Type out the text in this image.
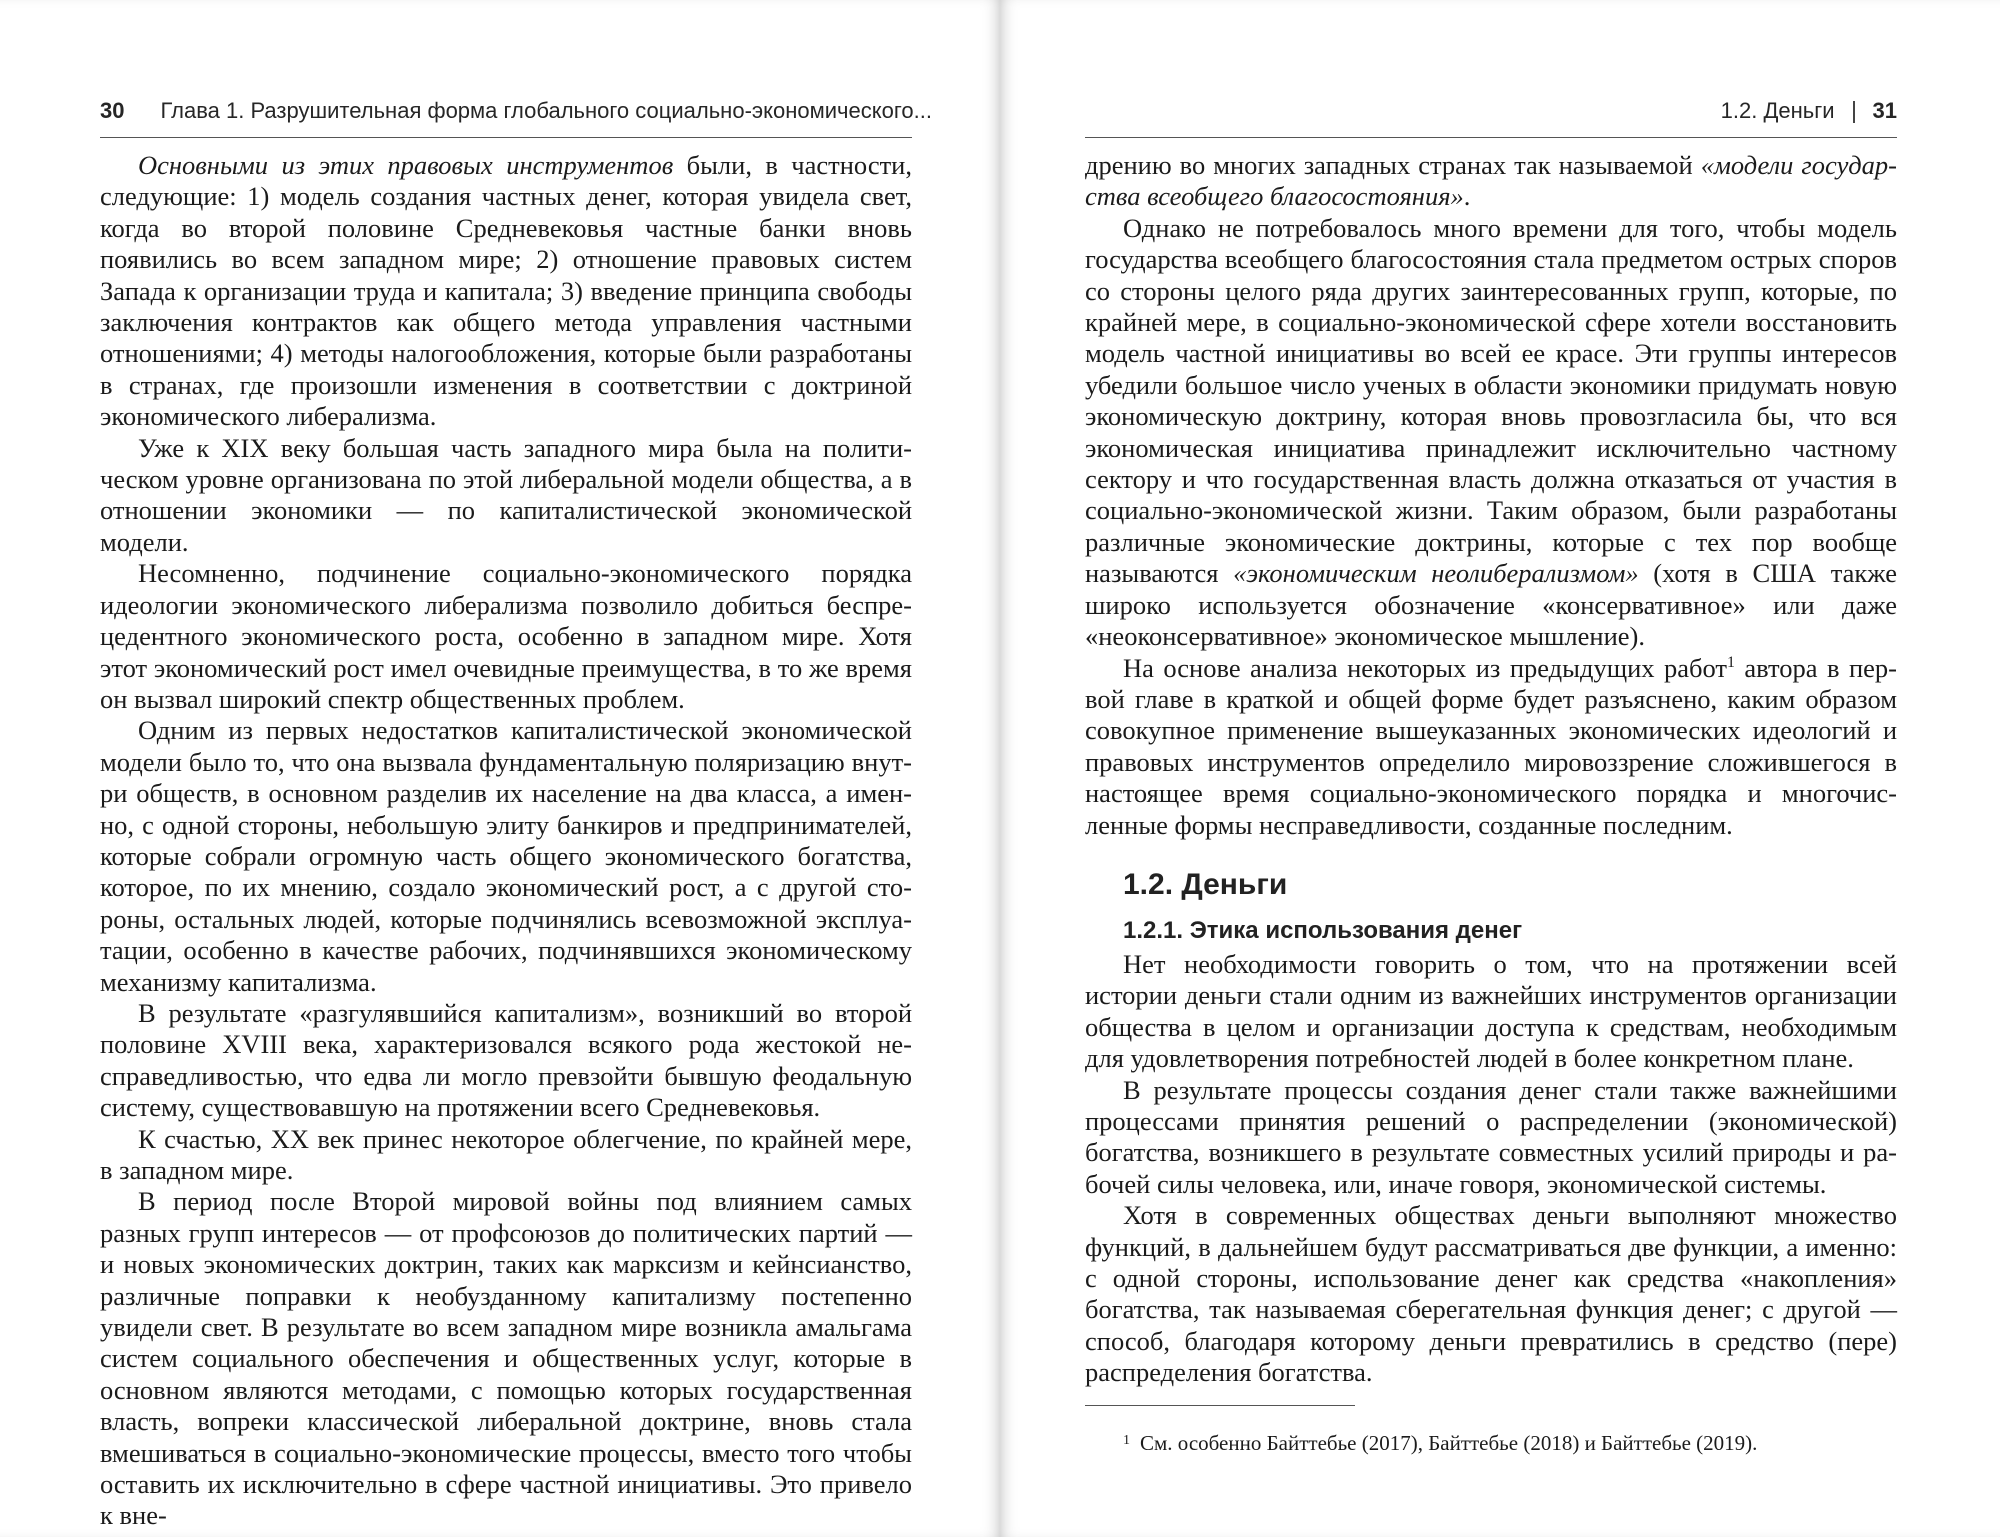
30 Глава 1. Разрушительная форма глобального социально-экономического...

Основными из этих правовых инструментов были, в частности, следующие: 1) модель создания частных денег, которая увидела свет, когда во второй половине Средневековья частные банки вновь появились во всем западном мире; 2) отношение правовых систем Запада к организации труда и капитала; 3) введение принципа свободы заключения контрактов как общего метода управления частными отношениями; 4) методы налогообложения, которые были разработаны в странах, где произошли изменения в соответствии с доктриной экономического либерализма.

Уже к XIX веку большая часть западного мира была на политическом уровне организована по этой либеральной модели общества, а в отношении экономики — по капиталистической экономической модели.

Несомненно, подчинение социально-экономического порядка идеологии экономического либерализма позволило добиться беспрецедентного экономического роста, особенно в западном мире. Хотя этот экономический рост имел очевидные преимущества, в то же время он вызвал широкий спектр общественных проблем.

Одним из первых недостатков капиталистической экономической модели было то, что она вызвала фундаментальную поляризацию внутри обществ, в основном разделив их население на два класса, а именно, с одной стороны, небольшую элиту банкиров и предпринимателей, которые собрали огромную часть общего экономического богатства, которое, по их мнению, создало экономический рост, а с другой стороны, остальных людей, которые подчинялись всевозможной эксплуатации, особенно в качестве рабочих, подчинявшихся экономическому механизму капитализма.

В результате «разгулявшийся капитализм», возникший во второй половине XVIII века, характеризовался всякого рода жестокой несправедливостью, что едва ли могло превзойти бывшую феодальную систему, существовавшую на протяжении всего Средневековья.

К счастью, XX век принес некоторое облегчение, по крайней мере, в западном мире.

В период после Второй мировой войны под влиянием самых разных групп интересов — от профсоюзов до политических партий — и новых экономических доктрин, таких как марксизм и кейнсианство, различные поправки к необузданному капитализму постепенно увидели свет. В результате во всем западном мире возникла амальгама систем социального обеспечения и общественных услуг, которые в основном являются методами, с помощью которых государственная власть, вопреки классической либеральной доктрине, вновь стала вмешиваться в социально-экономические процессы, вместо того чтобы оставить их исключительно в сфере частной инициативы. Это привело к вне-

1.2. Деньги 31

дрению во многих западных странах так называемой «модели государства всеобщего благосостояния».

Однако не потребовалось много времени для того, чтобы модель государства всеобщего благосостояния стала предметом острых споров со стороны целого ряда других заинтересованных групп, которые, по крайней мере, в социально-экономической сфере хотели восстановить модель частной инициативы во всей ее красе. Эти группы интересов убедили большое число ученых в области экономики придумать новую экономическую доктрину, которая вновь провозгласила бы, что вся экономическая инициатива принадлежит исключительно частному сектору и что государственная власть должна отказаться от участия в социально-экономической жизни. Таким образом, были разработаны различные экономические доктрины, которые с тех пор вообще называются «экономическим неолиберализмом» (хотя в США также широко используется обозначение «консервативное» или даже «неоконсервативное» экономическое мышление).

На основе анализа некоторых из предыдущих работ$^1$ автора в первой главе в краткой и общей форме будет разъяснено, каким образом совокупное применение вышеуказанных экономических идеологий и правовых инструментов определило мировоззрение сложившегося в настоящее время социально-экономического порядка и многочисленные формы несправедливости, созданные последним.

1.2. Деньги
1.2.1. Этика использования денег

Нет необходимости говорить о том, что на протяжении всей истории деньги стали одним из важнейших инструментов организации общества в целом и организации доступа к средствам, необходимым для удовлетворения потребностей людей в более конкретном плане.

В результате процессы создания денег стали также важнейшими процессами принятия решений о распределении (экономической) богатства, возникшего в результате совместных усилий природы и рабочей силы человека, или, иначе говоря, экономической системы.

Хотя в современных обществах деньги выполняют множество функций, в дальнейшем будут рассматриваться две функции, а именно: с одной стороны, использование денег как средства «накопления» богатства, так называемая сберегательная функция денег; с другой — способ, благодаря которому деньги превратились в средство (пере) распределения богатства.

$^1$ См. особенно Байттебье (2017), Байттебье (2018) и Байттебье (2019).
